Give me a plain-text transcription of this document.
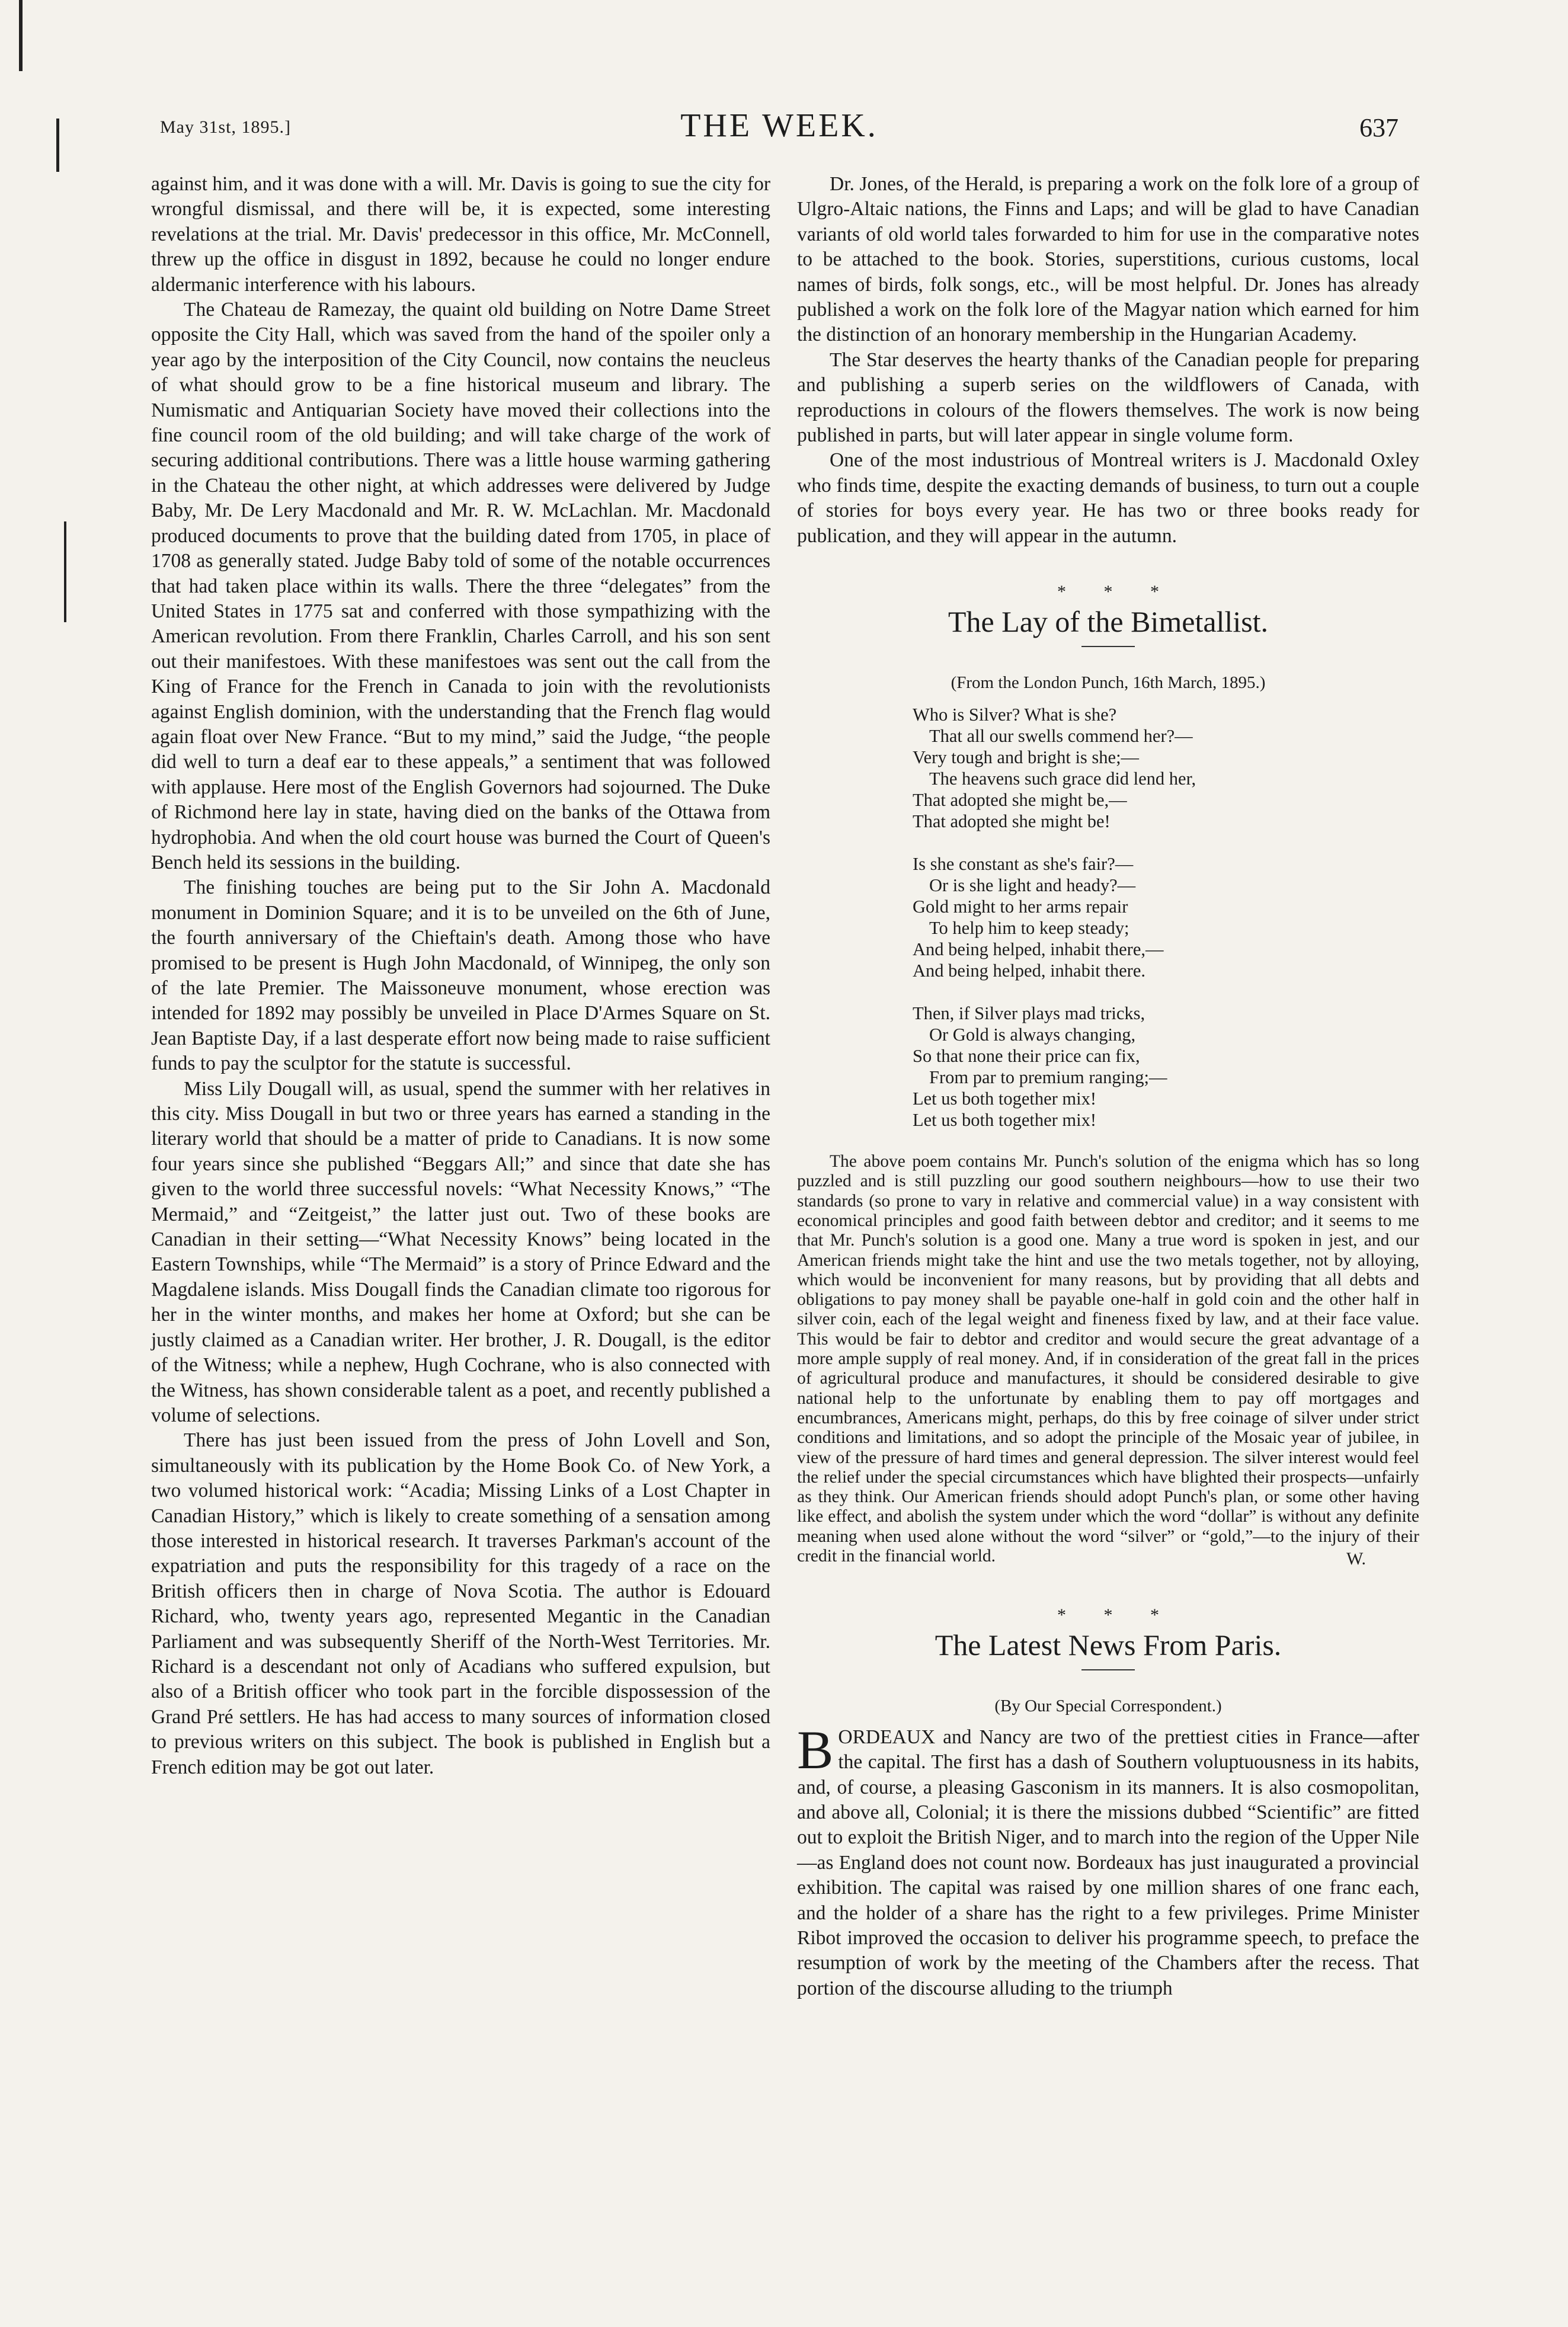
May 31st, 1895.]	THE WEEK.	637

against him, and it was done with a will. Mr. Davis is going to sue the city for wrongful dismissal, and there will be, it is expected, some interesting revelations at the trial. Mr. Davis' predecessor in this office, Mr. McConnell, threw up the office in disgust in 1892, because he could no longer endure aldermanic interference with his labours.

The Chateau de Ramezay, the quaint old building on Notre Dame Street opposite the City Hall, which was saved from the hand of the spoiler only a year ago by the interposition of the City Council, now contains the neucleus of what should grow to be a fine historical museum and library. The Numismatic and Antiquarian Society have moved their collections into the fine council room of the old building; and will take charge of the work of securing additional contributions. There was a little house warming gathering in the Chateau the other night, at which addresses were delivered by Judge Baby, Mr. De Lery Macdonald and Mr. R. W. McLachlan. Mr. Macdonald produced documents to prove that the building dated from 1705, in place of 1708 as generally stated. Judge Baby told of some of the notable occurrences that had taken place within its walls. There the three “delegates” from the United States in 1775 sat and conferred with those sympathizing with the American revolution. From there Franklin, Charles Carroll, and his son sent out their manifestoes. With these manifestoes was sent out the call from the King of France for the French in Canada to join with the revolutionists against English dominion, with the understanding that the French flag would again float over New France. “But to my mind,” said the Judge, “the people did well to turn a deaf ear to these appeals,” a sentiment that was followed with applause. Here most of the English Governors had sojourned. The Duke of Richmond here lay in state, having died on the banks of the Ottawa from hydrophobia. And when the old court house was burned the Court of Queen's Bench held its sessions in the building.

The finishing touches are being put to the Sir John A. Macdonald monument in Dominion Square; and it is to be unveiled on the 6th of June, the fourth anniversary of the Chieftain's death. Among those who have promised to be present is Hugh John Macdonald, of Winnipeg, the only son of the late Premier. The Maissoneuve monument, whose erection was intended for 1892 may possibly be unveiled in Place D'Armes Square on St. Jean Baptiste Day, if a last desperate effort now being made to raise sufficient funds to pay the sculptor for the statute is successful.

Miss Lily Dougall will, as usual, spend the summer with her relatives in this city. Miss Dougall in but two or three years has earned a standing in the literary world that should be a matter of pride to Canadians. It is now some four years since she published “Beggars All;” and since that date she has given to the world three successful novels: “What Necessity Knows,” “The Mermaid,” and “Zeitgeist,” the latter just out. Two of these books are Canadian in their setting—“What Necessity Knows” being located in the Eastern Townships, while “The Mermaid” is a story of Prince Edward and the Magdalene islands. Miss Dougall finds the Canadian climate too rigorous for her in the winter months, and makes her home at Oxford; but she can be justly claimed as a Canadian writer. Her brother, J. R. Dougall, is the editor of the Witness; while a nephew, Hugh Cochrane, who is also connected with the Witness, has shown considerable talent as a poet, and recently published a volume of selections.

There has just been issued from the press of John Lovell and Son, simultaneously with its publication by the Home Book Co. of New York, a two volumed historical work: “Acadia; Missing Links of a Lost Chapter in Canadian History,” which is likely to create something of a sensation among those interested in historical research. It traverses Parkman's account of the expatriation and puts the responsibility for this tragedy of a race on the British officers then in charge of Nova Scotia. The author is Edouard Richard, who, twenty years ago, represented Megantic in the Canadian Parliament and was subsequently Sheriff of the North-West Territories. Mr. Richard is a descendant not only of Acadians who suffered expulsion, but also of a British officer who took part in the forcible dispossession of the Grand Pré settlers. He has had access to many sources of information closed to previous writers on this subject. The book is published in English but a French edition may be got out later.

Dr. Jones, of the Herald, is preparing a work on the folk lore of a group of Ulgro-Altaic nations, the Finns and Laps; and will be glad to have Canadian variants of old world tales forwarded to him for use in the comparative notes to be attached to the book. Stories, superstitions, curious customs, local names of birds, folk songs, etc., will be most helpful. Dr. Jones has already published a work on the folk lore of the Magyar nation which earned for him the distinction of an honorary membership in the Hungarian Academy.

The Star deserves the hearty thanks of the Canadian people for preparing and publishing a superb series on the wildflowers of Canada, with reproductions in colours of the flowers themselves. The work is now being published in parts, but will later appear in single volume form.

One of the most industrious of Montreal writers is J. Macdonald Oxley who finds time, despite the exacting demands of business, to turn out a couple of stories for boys every year. He has two or three books ready for publication, and they will appear in the autumn.

* * *
The Lay of the Bimetallist.
(From the London Punch, 16th March, 1895.)
Who is Silver? What is she?
That all our swells commend her?—
Very tough and bright is she;—
The heavens such grace did lend her,
That adopted she might be,—
That adopted she might be!
Is she constant as she's fair?—
Or is she light and heady?—
Gold might to her arms repair
To help him to keep steady;
And being helped, inhabit there,—
And being helped, inhabit there.
Then, if Silver plays mad tricks,
Or Gold is always changing,
So that none their price can fix,
From par to premium ranging;—
Let us both together mix!
Let us both together mix!

The above poem contains Mr. Punch's solution of the enigma which has so long puzzled and is still puzzling our good southern neighbours—how to use their two standards (so prone to vary in relative and commercial value) in a way consistent with economical principles and good faith between debtor and creditor; and it seems to me that Mr. Punch's solution is a good one. Many a true word is spoken in jest, and our American friends might take the hint and use the two metals together, not by alloying, which would be inconvenient for many reasons, but by providing that all debts and obligations to pay money shall be payable one-half in gold coin and the other half in silver coin, each of the legal weight and fineness fixed by law, and at their face value. This would be fair to debtor and creditor and would secure the great advantage of a more ample supply of real money. And, if in consideration of the great fall in the prices of agricultural produce and manufactures, it should be considered desirable to give national help to the unfortunate by enabling them to pay off mortgages and encumbrances, Americans might, perhaps, do this by free coinage of silver under strict conditions and limitations, and so adopt the principle of the Mosaic year of jubilee, in view of the pressure of hard times and general depression. The silver interest would feel the relief under the special circumstances which have blighted their prospects—unfairly as they think. Our American friends should adopt Punch's plan, or some other having like effect, and abolish the system under which the word “dollar” is without any definite meaning when used alone without the word “silver” or “gold,”—to the injury of their credit in the financial world.	W.
* * *
The Latest News From Paris.
(By Our Special Correspondent.)

BORDEAUX and Nancy are two of the prettiest cities in France—after the capital. The first has a dash of Southern voluptuousness in its habits, and, of course, a pleasing Gasconism in its manners. It is also cosmopolitan, and above all, Colonial; it is there the missions dubbed “Scientific” are fitted out to exploit the British Niger, and to march into the region of the Upper Nile—as England does not count now. Bordeaux has just inaugurated a provincial exhibition. The capital was raised by one million shares of one franc each, and the holder of a share has the right to a few privileges. Prime Minister Ribot improved the occasion to deliver his programme speech, to preface the resumption of work by the meeting of the Chambers after the recess. That portion of the discourse alluding to the triumph
